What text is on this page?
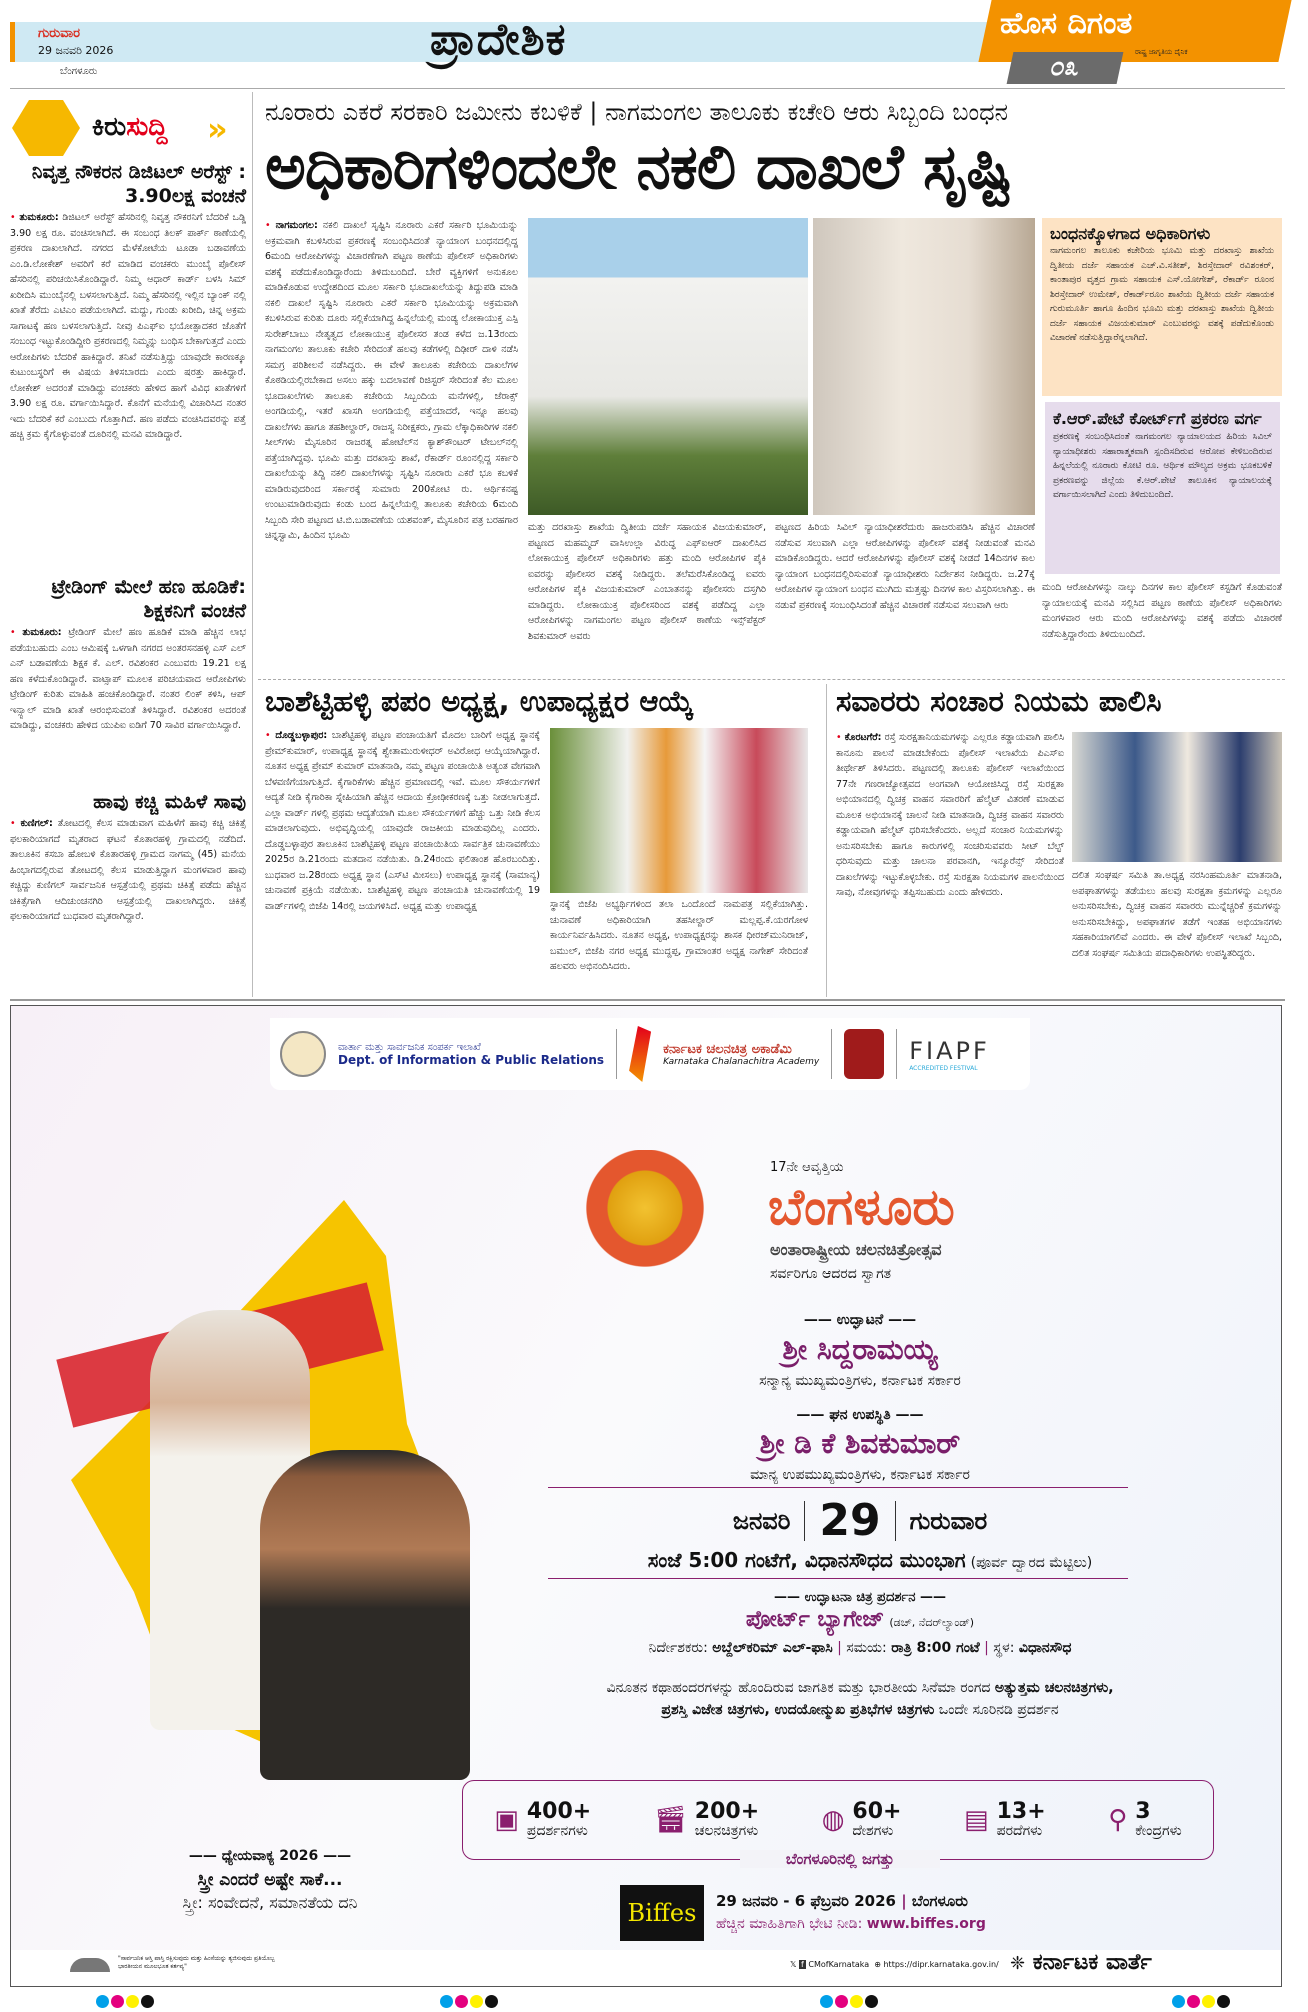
ಗುರುವಾರ
29 ಜನವರಿ 2026
ಬೆಂಗಳೂರು
ಪ್ರಾದೇಶಿಕ	ಹೊಸ ದಿಗಂತ
ರಾಷ್ಟ್ರ ಜಾಗೃತಿಯ ದೈನಿಕ
೦೩
ಕಿರುಸುದ್ದಿ »
ನಿವೃತ್ತ ನೌಕರನ ಡಿಜಿಟಲ್ ಅರೆಸ್ಟ್ : 3.90ಲಕ್ಷ ವಂಚನೆ
• ತುಮಕೂರು: ಡಿಜಿಟಲ್ ಅರೆಸ್ಟ್ ಹೆಸರಿನಲ್ಲಿ ನಿವೃತ್ತ ನೌಕರನಿಗೆ ಬೆದರಿಕೆ ಒಡ್ಡಿ 3.90 ಲಕ್ಷ ರೂ. ವಂಚಿಸಲಾಗಿದೆ. ಈ ಸಂಬಂಧ ತಿಲಕ್ ಪಾರ್ಕ್ ಠಾಣೆಯಲ್ಲಿ ಪ್ರಕರಣ ದಾಖಲಾಗಿದೆ. ನಗರದ ಮೆಳೆಕೋಟೆಯ ಟೂಡಾ ಬಡಾವಣೆಯ ಎಂ.ಡಿ.ಲೋಕೇಶ್ ಅವರಿಗೆ ಕರೆ ಮಾಡಿದ ವಂಚಕರು ಮುಂಬೈ ಪೊಲೀಸ್ ಹೆಸರಿನಲ್ಲಿ ಪರಿಚಯಿಸಿಕೊಂಡಿದ್ದಾರೆ. ನಿಮ್ಮ ಆಧಾರ್ ಕಾರ್ಡ್ ಬಳಸಿ ಸಿಮ್ ಖರೀದಿಸಿ ಮುಂಬೈನಲ್ಲಿ ಬಳಸಲಾಗುತ್ತಿದೆ. ನಿಮ್ಮ ಹೆಸರಿನಲ್ಲಿ ಇಲ್ಲಿನ ಬ್ಯಾಂಕ್ ನಲ್ಲಿ ಖಾತೆ ತೆರೆದು ಎಟಿಎಂ ಪಡೆಯಲಾಗಿದೆ. ಮದ್ದು, ಗುಂಡು ಖರೀದಿ, ಚಿನ್ನ ಅಕ್ರಮ ಸಾಗಾಟಕ್ಕೆ ಹಣ ಬಳಸಲಾಗುತ್ತಿದೆ. ನೀವು ಪಿಎಫ್ಐ ಭಯೋತ್ಪಾದಕರ ಜೊತೆಗೆ ಸಂಬಂಧ ಇಟ್ಟುಕೊಂಡಿದ್ದೀರಿ ಪ್ರಕರಣದಲ್ಲಿ ನಿಮ್ಮನ್ನು ಬಂಧಿಸ ಬೇಕಾಗುತ್ತದೆ ಎಂದು ಆರೋಪಿಗಳು ಬೆದರಿಕೆ ಹಾಕಿದ್ದಾರೆ. ತನಿಖೆ ನಡೆಸುತ್ತಿದ್ದು ಯಾವುದೇ ಕಾರಣಕ್ಕೂ ಕುಟುಂಬಸ್ಥರಿಗೆ ಈ ವಿಷಯ ತಿಳಿಸಬಾರದು ಎಂದು ಷರತ್ತು ಹಾಕಿದ್ದಾರೆ. ಲೋಕೇಶ್ ಅದರಂತೆ ಮಾಡಿದ್ದು ವಂಚಕರು ಹೇಳಿದ ಹಾಗೆ ವಿವಿಧ ಖಾತೆಗಳಿಗೆ 3.90 ಲಕ್ಷ ರೂ. ವರ್ಗಾಯಿಸಿದ್ದಾರೆ. ಕೊನೆಗೆ ಮನೆಯಲ್ಲಿ ವಿಚಾರಿಸಿದ ನಂತರ ಇದು ಬೆದರಿಕೆ ಕರೆ ಎಂಬುದು ಗೊತ್ತಾಗಿದೆ. ಹಣ ಪಡೆದು ವಂಚಿಸಿದವರನ್ನು ಪತ್ತೆ ಹಚ್ಚಿ ಕ್ರಮ ಕೈಗೊಳ್ಳುವಂತೆ ದೂರಿನಲ್ಲಿ ಮನವಿ ಮಾಡಿದ್ದಾರೆ.
ಟ್ರೇಡಿಂಗ್ ಮೇಲೆ ಹಣ ಹೂಡಿಕೆ: ಶಿಕ್ಷಕನಿಗೆ ವಂಚನೆ
• ತುಮಕೂರು: ಟ್ರೇಡಿಂಗ್ ಮೇಲೆ ಹಣ ಹೂಡಿಕೆ ಮಾಡಿ ಹೆಚ್ಚಿನ ಲಾಭ ಪಡೆಯಬಹುದು ಎಂಬ ಆಮಿಷಕ್ಕೆ ಒಳಗಾಗಿ ನಗರದ ಅಂತರಸನಹಳ್ಳಿ ಎಸ್ ಎಲ್ ಎನ್ ಬಡಾವಣೆಯ ಶಿಕ್ಷಕ ಕೆ. ಎಲ್. ರವಿಶಂಕರ ಎಂಬುವರು 19.21 ಲಕ್ಷ ಹಣ ಕಳೆದುಕೊಂಡಿದ್ದಾರೆ. ವಾಟ್ಸಾಪ್ ಮೂಲಕ ಪರಿಚಯವಾದ ಆರೋಪಿಗಳು ಟ್ರೇಡಿಂಗ್ ಕುರಿತು ಮಾಹಿತಿ ಹಂಚಿಕೊಂಡಿದ್ದಾರೆ. ನಂತರ ಲಿಂಕ್ ಕಳಿಸಿ, ಆಪ್ ಇನ್ಸ್ಟಾಲ್ ಮಾಡಿ ಖಾತೆ ಆರಂಭಿಸುವಂತೆ ತಿಳಿಸಿದ್ದಾರೆ. ರವಿಶಂಕರ ಅದರಂತೆ ಮಾಡಿದ್ದು, ವಂಚಕರು ಹೇಳಿದ ಯುಪಿಐ ಐಡಿಗೆ 70 ಸಾವಿರ ವರ್ಗಾಯಿಸಿದ್ದಾರೆ.
ಹಾವು ಕಚ್ಚಿ ಮಹಿಳೆ ಸಾವು
• ಕುಣಿಗಲ್: ತೋಟದಲ್ಲಿ ಕೆಲಸ ಮಾಡುವಾಗ ಮಹಿಳೆಗೆ ಹಾವು ಕಚ್ಚಿ ಚಿಕಿತ್ಸೆ ಫಲಕಾರಿಯಾಗದೆ ಮೃತರಾದ ಘಟನೆ ಕೊತಾರಹಳ್ಳಿ ಗ್ರಾಮದಲ್ಲಿ ನಡೆದಿದೆ. ತಾಲೂಕಿನ ಕಸಬಾ ಹೋಬಳಿ ಕೊತಾರಹಳ್ಳಿ ಗ್ರಾಮದ ನಾಗಮ್ಮ (45) ಮನೆಯ ಹಿಂಭಾಗದಲ್ಲಿರುವ ತೋಟದಲ್ಲಿ ಕೆಲಸ ಮಾಡುತ್ತಿದ್ದಾಗ ಮಂಗಳವಾರ ಹಾವು ಕಚ್ಚಿದ್ದು ಕುಣಿಗಲ್ ಸಾರ್ವಜನಿಕ ಆಸ್ಪತ್ರೆಯಲ್ಲಿ ಪ್ರಥಮ ಚಿಕಿತ್ಸೆ ಪಡೆದು ಹೆಚ್ಚಿನ ಚಿಕಿತ್ಸೆಗಾಗಿ ಆದಿಚುಂಚನಗಿರಿ ಆಸ್ಪತ್ರೆಯಲ್ಲಿ ದಾಖಲಾಗಿದ್ದರು. ಚಿಕಿತ್ಸೆ ಫಲಕಾರಿಯಾಗದೆ ಬುಧವಾರ ಮೃತರಾಗಿದ್ದಾರೆ.
ನೂರಾರು ಎಕರೆ ಸರಕಾರಿ ಜಮೀನು ಕಬಳಿಕೆ | ನಾಗಮಂಗಲ ತಾಲೂಕು ಕಚೇರಿ ಆರು ಸಿಬ್ಬಂದಿ ಬಂಧನ
ಅಧಿಕಾರಿಗಳಿಂದಲೇ ನಕಲಿ ದಾಖಲೆ ಸೃಷ್ಟಿ
• ನಾಗಮಂಗಲ: ನಕಲಿ ದಾಖಲೆ ಸೃಷ್ಟಿಸಿ ನೂರಾರು ಎಕರೆ ಸರ್ಕಾರಿ ಭೂಮಿಯನ್ನು ಅಕ್ರಮವಾಗಿ ಕಬಳಿಸಿರುವ ಪ್ರಕರಣಕ್ಕೆ ಸಂಬಂಧಿಸಿದಂತೆ ನ್ಯಾಯಾಂಗ ಬಂಧನದಲ್ಲಿದ್ದ 6ಮಂದಿ ಆರೋಪಿಗಳನ್ನು ವಿಚಾರಣೆಗಾಗಿ ಪಟ್ಟಣ ಠಾಣೆಯ ಪೊಲೀಸ್ ಅಧಿಕಾರಿಗಳು ವಶಕ್ಕೆ ಪಡೆದುಕೊಂಡಿದ್ದಾರೆಂದು ತಿಳಿದುಬಂದಿದೆ. ಬೇರೆ ವ್ಯಕ್ತಿಗಳಿಗೆ ಅನುಕೂಲ ಮಾಡಿಕೊಡುವ ಉದ್ದೇಶದಿಂದ ಮೂಲ ಸರ್ಕಾರಿ ಭೂದಾಖಲೆಯನ್ನು ತಿದ್ದುಪಡಿ ಮಾಡಿ ನಕಲಿ ದಾಖಲೆ ಸೃಷ್ಟಿಸಿ ನೂರಾರು ಎಕರೆ ಸರ್ಕಾರಿ ಭೂಮಿಯನ್ನು ಅಕ್ರಮವಾಗಿ ಕಬಳಿಸಿರುವ ಕುರಿತು ದೂರು ಸಲ್ಲಿಕೆಯಾಗಿದ್ದ ಹಿನ್ನಲೆಯಲ್ಲಿ ಮಂಡ್ಯ ಲೋಕಾಯುಕ್ತ ಎಸ್ಪಿ ಸುರೇಶ್‌ಬಾಬು ನೇತೃತ್ವದ ಲೋಕಾಯುಕ್ತ ಪೊಲೀಸರ ತಂಡ ಕಳೆದ ಜ.13ರಂದು ನಾಗಮಂಗಲ ತಾಲೂಕು ಕಚೇರಿ ಸೇರಿದಂತೆ ಹಲವು ಕಡೆಗಳಲ್ಲಿ ದಿಢೀರ್ ದಾಳಿ ನಡೆಸಿ ಸಮಗ್ರ ಪರಿಶೀಲನೆ ನಡೆಸಿದ್ದರು. ಈ ವೇಳೆ ತಾಲೂಕು ಕಚೇರಿಯ ದಾಖಲೆಗಳ ಕೊಠಡಿಯಲ್ಲಿರಬೇಕಾದ ಅಸಲು ಹಕ್ಕು ಬದಲಾವಣೆ ರಿಜಿಸ್ಟರ್ ಸೇರಿದಂತೆ ಕೆಲ ಮೂಲ ಭೂದಾಖಲೆಗಳು ತಾಲೂಕು ಕಚೇರಿಯ ಸಿಬ್ಬಂದಿಯ ಮನೆಗಳಲ್ಲಿ, ಜೆರಾಕ್ಸ್ ಅಂಗಡಿಯಲ್ಲಿ, ಇತರೆ ಖಾಸಗಿ ಅಂಗಡಿಯಲ್ಲಿ ಪತ್ತೆಯಾದರೆ, ಇನ್ನೂ ಹಲವು ದಾಖಲೆಗಳು ಹಾಗೂ ತಹಶೀಲ್ದಾರ್, ರಾಜಸ್ವ ನಿರೀಕ್ಷಕರು, ಗ್ರಾಮ ಲೆಕ್ಕಾಧಿಕಾರಿಗಳ ನಕಲಿ ಸೀಲ್‌ಗಳು ಮೈಸೂರಿನ ರಾಜರತ್ನ ಹೋಟೆಲ್‌ನ ಕ್ಯಾಶ್‌ಕೌಂಟರ್ ಟೇಬಲ್‌ನಲ್ಲಿ ಪತ್ತೆಯಾಗಿದ್ದವು. ಭೂಮಿ ಮತ್ತು ದರಖಾಸ್ತು ಶಾಖೆ, ರೆಕಾರ್ಡ್ ರೂಂನಲ್ಲಿದ್ದ ಸರ್ಕಾರಿ ದಾಖಲೆಯನ್ನು ತಿದ್ದಿ ನಕಲಿ ದಾಖಲೆಗಳನ್ನು ಸೃಷ್ಟಿಸಿ ನೂರಾರು ಎಕರೆ ಭೂ ಕಬಳಿಕೆ ಮಾಡಿರುವುದರಿಂದ ಸರ್ಕಾರಕ್ಕೆ ಸುಮಾರು 200ಕೋಟಿ ರು. ಆರ್ಥಿಕನಷ್ಟ ಉಂಟುಮಾಡಿರುವುದು ಕಂಡು ಬಂದ ಹಿನ್ನಲೆಯಲ್ಲಿ ತಾಲೂಕು ಕಚೇರಿಯ 6ಮಂದಿ ಸಿಬ್ಬಂದಿ ಸೇರಿ ಪಟ್ಟಣದ ಟಿ.ಬಿ.ಬಡಾವಣೆಯ ಯಶವಂತ್, ಮೈಸೂರಿನ ಪತ್ರ ಬರಹಗಾರ ಚಿನ್ನಸ್ವಾಮಿ, ಹಿಂದಿನ ಭೂಮಿ
ಮತ್ತು ದರಖಾಸ್ತು ಶಾಖೆಯ ದ್ವಿತೀಯ ದರ್ಜೆ ಸಹಾಯಕ ವಿಜಯಕುಮಾರ್, ಪಟ್ಟಣದ ಮಹಮ್ಮದ್ ವಾಸಿಉಲ್ಲಾ ವಿರುದ್ಧ ಎಫ್‌ಐಆರ್ ದಾಖಲಿಸಿದ ಲೋಕಾಯುಕ್ತ ಪೊಲೀಸ್ ಅಧಿಕಾರಿಗಳು ಹತ್ತು ಮಂದಿ ಆರೋಪಿಗಳ ಪೈಕಿ ಐವರನ್ನು ಪೊಲೀಸರ ವಶಕ್ಕೆ ನೀಡಿದ್ದರು. ತಲೆಮರೆಸಿಕೊಂಡಿದ್ದ ಐವರು ಆರೋಪಿಗಳ ಪೈಕಿ ವಿಜಯಕುಮಾರ್ ಎಂಬಾತನನ್ನು ಪೊಲೀಸರು ದಸ್ತಗಿರಿ ಮಾಡಿದ್ದರು. ಲೋಕಾಯುಕ್ತ ಪೊಲೀಸರಿಂದ ವಶಕ್ಕೆ ಪಡೆದಿದ್ದ ಎಲ್ಲಾ ಆರೋಪಿಗಳನ್ನು ನಾಗಮಂಗಲ ಪಟ್ಟಣ ಪೊಲೀಸ್ ಠಾಣೆಯ ಇನ್ಸ್‌ಪೆಕ್ಟರ್ ಶಿವಕುಮಾರ್ ಅವರು
ಪಟ್ಟಣದ ಹಿರಿಯ ಸಿವಿಲ್ ನ್ಯಾಯಾಧೀಶರೆದುರು ಹಾಜರುಪಡಿಸಿ ಹೆಚ್ಚಿನ ವಿಚಾರಣೆ ನಡೆಸುವ ಸಲುವಾಗಿ ಎಲ್ಲಾ ಆರೋಪಿಗಳನ್ನು ಪೊಲೀಸ್ ವಶಕ್ಕೆ ನೀಡುವಂತೆ ಮನವಿ ಮಾಡಿಕೊಂಡಿದ್ದರು. ಆದರೆ ಆರೋಪಿಗಳನ್ನು ಪೊಲೀಸ್ ವಶಕ್ಕೆ ನೀಡದೆ 14ದಿನಗಳ ಕಾಲ ನ್ಯಾಯಾಂಗ ಬಂಧನದಲ್ಲಿರಿಸುವಂತೆ ನ್ಯಾಯಾಧೀಶರು ನಿರ್ದೇಶನ ನೀಡಿದ್ದರು. ಜ.27ಕ್ಕೆ ಆರೋಪಿಗಳ ನ್ಯಾಯಾಂಗ ಬಂಧನ ಮುಗಿದು ಮತ್ತಷ್ಟು ದಿನಗಳ ಕಾಲ ವಿಸ್ತರಿಸಲಾಗಿತ್ತು. ಈ ನಡುವೆ ಪ್ರಕರಣಕ್ಕೆ ಸಂಬಂಧಿಸಿದಂತೆ ಹೆಚ್ಚಿನ ವಿಚಾರಣೆ ನಡೆಸುವ ಸಲುವಾಗಿ ಆರು
ಬಂಧನಕ್ಕೊಳಗಾದ ಅಧಿಕಾರಿಗಳು
ನಾಗಮಂಗಲ ತಾಲೂಕು ಕಚೇರಿಯ ಭೂಮಿ ಮತ್ತು ದರಖಾಸ್ತು ಶಾಖೆಯ ದ್ವಿತೀಯ ದರ್ಜೆ ಸಹಾಯಕ ಎಚ್.ವಿ.ಸತೀಶ್, ಶಿರಸ್ತೇದಾರ್ ರವಿಶಂಕರ್, ಕಾಂತಾಪುರ ವೃತ್ತದ ಗ್ರಾಮ ಸಹಾಯಕ ಎಸ್.ಯೋಗೇಶ್, ರೆಕಾರ್ಡ್ ರೂಂನ ಶಿರಸ್ತೇದಾರ್ ಉಮೇಶ್, ರೆಕಾರ್ಡ್‌ರೂಂ ಶಾಖೆಯ ದ್ವಿತೀಯ ದರ್ಜೆ ಸಹಾಯಕ ಗುರುಮೂರ್ತಿ ಹಾಗೂ ಹಿಂದಿನ ಭೂಮಿ ಮತ್ತು ದರಖಾಸ್ತು ಶಾಖೆಯ ದ್ವಿತೀಯ ದರ್ಜೆ ಸಹಾಯಕ ವಿಜಯಕುಮಾರ್ ಎಂಬುವರನ್ನು ವಶಕ್ಕೆ ಪಡೆದುಕೊಂಡು ವಿಚಾರಣೆ ನಡೆಸುತ್ತಿದ್ದಾರೆನ್ನಲಾಗಿದೆ.
ಕೆ.ಆರ್.ಪೇಟೆ ಕೋರ್ಟ್‌ಗೆ ಪ್ರಕರಣ ವರ್ಗ
ಪ್ರಕರಣಕ್ಕೆ ಸಂಬಂಧಿಸಿದಂತೆ ನಾಗಮಂಗಲ ನ್ಯಾಯಾಲಯದ ಹಿರಿಯ ಸಿವಿಲ್ ನ್ಯಾಯಾಧೀಶರು ಸಹಾರಾತ್ಮಕವಾಗಿ ಸ್ಪಂದಿಸದಿರುವ ಆರೋಪ ಕೇಳಿಬಂದಿರುವ ಹಿನ್ನಲೆಯಲ್ಲಿ ನೂರಾರು ಕೋಟಿ ರೂ. ಆರ್ಥಿಕ ಮೌಲ್ಯದ ಅಕ್ರಮ ಭೂಕಬಳಿಕೆ ಪ್ರಕರಣವನ್ನು ಜಿಲ್ಲೆಯ ಕೆ.ಆರ್.ಪೇಟೆ ತಾಲೂಕಿನ ನ್ಯಾಯಾಲಯಕ್ಕೆ ವರ್ಗಾಯಿಸಲಾಗಿದೆ ಎಂದು ತಿಳಿದುಬಂದಿದೆ.
ಮಂದಿ ಆರೋಪಿಗಳನ್ನು ನಾಲ್ಕು ದಿನಗಳ ಕಾಲ ಪೊಲೀಸ್ ಕಸ್ಟಡಿಗೆ ಕೊಡುವಂತೆ ನ್ಯಾಯಾಲಯಕ್ಕೆ ಮನವಿ ಸಲ್ಲಿಸಿದ ಪಟ್ಟಣ ಠಾಣೆಯ ಪೊಲೀಸ್ ಅಧಿಕಾರಿಗಳು ಮಂಗಳವಾರ ಆರು ಮಂದಿ ಆರೋಪಿಗಳನ್ನು ವಶಕ್ಕೆ ಪಡೆದು ವಿಚಾರಣೆ ನಡೆಸುತ್ತಿದ್ದಾರೆಂದು ತಿಳಿದುಬಂದಿದೆ.
ಬಾಶೆಟ್ಟಿಹಳ್ಳಿ ಪಪಂ ಅಧ್ಯಕ್ಷ, ಉಪಾಧ್ಯಕ್ಷರ ಆಯ್ಕೆ
• ದೊಡ್ಡಬಳ್ಳಾಪುರ: ಬಾಶೆಟ್ಟಿಹಳ್ಳಿ ಪಟ್ಟಣ ಪಂಚಾಯತಿಗೆ ಮೊದಲ ಬಾರಿಗೆ ಅಧ್ಯಕ್ಷ ಸ್ಥಾನಕ್ಕೆ ಪ್ರೇಮ್‌ಕುಮಾರ್, ಉಪಾಧ್ಯಕ್ಷ ಸ್ಥಾನಕ್ಕೆ ಶ್ವೇತಾಮುರುಳೀಧರ್ ಅವಿರೋಧ ಆಯ್ಕೆಯಾಗಿದ್ದಾರೆ. ನೂತನ ಅಧ್ಯಕ್ಷ ಪ್ರೇಮ್ ಕುಮಾರ್ ಮಾತನಾಡಿ, ನಮ್ಮ ಪಟ್ಟಣ ಪಂಚಾಯಿತಿ ಅತ್ಯಂತ ವೇಗವಾಗಿ ಬೆಳವಣಿಗೆಯಾಗುತ್ತಿದೆ. ಕೈಗಾರಿಕೆಗಳು ಹೆಚ್ಚಿನ ಪ್ರಮಾಣದಲ್ಲಿ ಇವೆ. ಮೂಲ ಸೌಕರ್ಯಗಳಿಗೆ ಆದ್ಯತೆ ನೀಡಿ ಕೈಗಾರಿಕಾ ಸ್ನೇಹಿಯಾಗಿ ಹೆಚ್ಚಿನ ಆದಾಯ ಕ್ರೋಢೀಕರಣಕ್ಕೆ ಒತ್ತು ನೀಡಲಾಗುತ್ತದೆ. ಎಲ್ಲಾ ವಾರ್ಡ್ ಗಳಲ್ಲಿ ಪ್ರಥಮ ಆದ್ಯತೆಯಾಗಿ ಮೂಲ ಸೌಕರ್ಯಗಳಿಗೆ ಹೆಚ್ಚು ಒತ್ತು ನೀಡಿ ಕೆಲಸ ಮಾಡಲಾಗುವುದು. ಅಭಿವೃದ್ಧಿಯಲ್ಲಿ ಯಾವುದೇ ರಾಜಕೀಯ ಮಾಡುವುದಿಲ್ಲ ಎಂದರು. ದೊಡ್ಡಬಳ್ಳಾಪುರ ತಾಲೂಕಿನ ಬಾಶೆಟ್ಟಿಹಳ್ಳಿ ಪಟ್ಟಣ ಪಂಚಾಯಿತಿಯ ಸಾರ್ವತ್ರಿಕ ಚುನಾವಣೆಯು 2025ರ ಡಿ.21ರಂದು ಮತದಾನ ನಡೆಯಿತು. ಡಿ.24ರಂದು ಫಲಿತಾಂಶ ಹೊರಬಂದಿತ್ತು. ಬುಧವಾರ ಜ.28ರಂದು ಅಧ್ಯಕ್ಷ ಸ್ಥಾನ (ಎಸ್‌ಟಿ ಮೀಸಲು) ಉಪಾಧ್ಯಕ್ಷ ಸ್ಥಾನಕ್ಕೆ (ಸಾಮಾನ್ಯ) ಚುನಾವಣೆ ಪ್ರಕ್ರಿಯೆ ನಡೆಯಿತು. ಬಾಶೆಟ್ಟಿಹಳ್ಳಿ ಪಟ್ಟಣ ಪಂಚಾಯತಿ ಚುನಾವಣೆಯಲ್ಲಿ 19 ವಾರ್ಡ್‌ಗಳಲ್ಲಿ ಬಿಜೆಪಿ 14ರಲ್ಲಿ ಜಯಗಳಿಸಿದೆ. ಅಧ್ಯಕ್ಷ ಮತ್ತು ಉಪಾಧ್ಯಕ್ಷ	ಸ್ಥಾನಕ್ಕೆ ಬಿಜೆಪಿ ಅಭ್ಯರ್ಥಿಗಳಿಂದ ತಲಾ ಒಂದೊಂದೆ ನಾಮಪತ್ರ ಸಲ್ಲಿಕೆಯಾಗಿತ್ತು. ಚುನಾವಣೆ ಅಧಿಕಾರಿಯಾಗಿ ತಹಸೀಲ್ದಾರ್ ಮಲ್ಲಪ್ಪ.ಕೆ.ಯರಗೋಳ ಕಾರ್ಯನಿರ್ವಹಿಸಿದರು. ನೂತನ ಅಧ್ಯಕ್ಷ, ಉಪಾಧ್ಯಕ್ಷರನ್ನು ಶಾಸಕ ಧೀರಜ್‌ಮುನಿರಾಜ್, ಬಮುಲ್, ಬಿಜೆಪಿ ನಗರ ಅಧ್ಯಕ್ಷ ಮುದ್ದಪ್ಪ, ಗ್ರಾಮಾಂತರ ಅಧ್ಯಕ್ಷ ನಾಗೇಶ್ ಸೇರಿದಂತೆ ಹಲವರು ಅಭಿನಂದಿಸಿದರು.
ಸವಾರರು ಸಂಚಾರ ನಿಯಮ ಪಾಲಿಸಿ
• ಕೊರಟಗೆರೆ: ರಸ್ತೆ ಸುರಕ್ಷತಾನಿಯಮಗಳನ್ನು ಎಲ್ಲರೂ ಕಡ್ಡಾಯವಾಗಿ ಪಾಲಿಸಿ ಕಾನೂನು ಪಾಲನೆ ಮಾಡಬೇಕೆಂದು ಪೊಲೀಸ್ ಇಲಾಖೆಯ ಪಿಎಸ್ಐ ತೀರ್ಥೇಶ್ ತಿಳಿಸಿದರು. ಪಟ್ಟಣದಲ್ಲಿ ತಾಲೂಕು ಪೊಲೀಸ್ ಇಲಾಖೆಯಿಂದ 77ನೇ ಗಣರಾಜ್ಯೋತ್ಸವದ ಅಂಗವಾಗಿ ಆಯೋಜಿಸಿದ್ದ ರಸ್ತೆ ಸುರಕ್ಷತಾ ಅಭಿಯಾನದಲ್ಲಿ ದ್ವಿಚಕ್ರ ವಾಹನ ಸವಾರರಿಗೆ ಹೆಲ್ಮೆಟ್ ವಿತರಣೆ ಮಾಡುವ ಮೂಲಕ ಅಭಿಯಾನಕ್ಕೆ ಚಾಲನೆ ನೀಡಿ ಮಾತನಾಡಿ, ದ್ವಿಚಕ್ರ ವಾಹನ ಸವಾರರು ಕಡ್ಡಾಯವಾಗಿ ಹೆಲ್ಮೆಟ್ ಧರಿಸಬೇಕೆಂದರು. ಅಲ್ಲದೆ ಸಂಚಾರ ನಿಯಮಗಳನ್ನು ಅನುಸರಿಸಬೇಕು ಹಾಗೂ ಕಾರುಗಳಲ್ಲಿ ಸಂಚರಿಸುವವರು ಸೀಟ್ ಬೆಲ್ಟ್ ಧರಿಸುವುದು ಮತ್ತು ಚಾಲನಾ ಪರವಾನಗಿ, ಇನ್ಶೂರೆನ್ಸ್ ಸೇರಿದಂತೆ ದಾಖಲೆಗಳನ್ನು ಇಟ್ಟುಕೊಳ್ಳಬೇಕು. ರಸ್ತೆ ಸುರಕ್ಷತಾ ನಿಯಮಗಳ ಪಾಲನೆಯಿಂದ ಸಾವು, ನೋವುಗಳನ್ನು ತಪ್ಪಿಸಬಹುದು ಎಂದು ಹೇಳಿದರು.
ದಲಿತ ಸಂಘರ್ಷ ಸಮಿತಿ ತಾ.ಅಧ್ಯಕ್ಷ ನರಸಿಂಹಮೂರ್ತಿ ಮಾತನಾಡಿ, ಅಪಘಾತಗಳನ್ನು ತಡೆಯಲು ಹಲವು ಸುರಕ್ಷತಾ ಕ್ರಮಗಳನ್ನು ಎಲ್ಲರೂ ಅನುಸರಿಸಬೇಕು, ದ್ವಿಚಕ್ರ ವಾಹನ ಸವಾರರು ಮುನ್ನೆಚ್ಚರಿಕೆ ಕ್ರಮಗಳನ್ನು ಅನುಸರಿಸಬೇಕಿದ್ದು, ಅಪಘಾತಗಳ ತಡೆಗೆ ಇಂತಹ ಅಭಿಯಾನಗಳು ಸಹಕಾರಿಯಾಗಲಿವೆ ಎಂದರು. ಈ ವೇಳೆ ಪೊಲೀಸ್ ಇಲಾಖೆ ಸಿಬ್ಬಂದಿ, ದಲಿತ ಸಂಘರ್ಷ ಸಮಿತಿಯ ಪದಾಧಿಕಾರಿಗಳು ಉಪಸ್ಥಿತರಿದ್ದರು.
ವಾರ್ತಾ ಮತ್ತು ಸಾರ್ವಜನಿಕ ಸಂಪರ್ಕ ಇಲಾಖೆ
Dept. of Information & Public Relations
ಕರ್ನಾಟಕ ಚಲನಚಿತ್ರ ಅಕಾಡೆಮಿ
Karnataka Chalanachitra Academy	FIAPF
ACCREDITED FESTIVAL
17ನೇ ಆವೃತ್ತಿಯ
ಬೆಂಗಳೂರು
ಅಂತಾರಾಷ್ಟ್ರೀಯ ಚಲನಚಿತ್ರೋತ್ಸವ
ಸರ್ವರಿಗೂ ಆದರದ ಸ್ವಾಗತ
—— ಉದ್ಘಾಟನೆ ——
ಶ್ರೀ ಸಿದ್ದರಾಮಯ್ಯ
ಸನ್ಮಾನ್ಯ ಮುಖ್ಯಮಂತ್ರಿಗಳು, ಕರ್ನಾಟಕ ಸರ್ಕಾರ
—— ಘನ ಉಪಸ್ಥಿತಿ ——
ಶ್ರೀ ಡಿ ಕೆ ಶಿವಕುಮಾರ್
ಮಾನ್ಯ ಉಪಮುಖ್ಯಮಂತ್ರಿಗಳು, ಕರ್ನಾಟಕ ಸರ್ಕಾರ
ಜನವರಿ 29 ಗುರುವಾರ
ಸಂಜೆ 5:00 ಗಂಟೆಗೆ, ವಿಧಾನಸೌಧದ ಮುಂಭಾಗ (ಪೂರ್ವ ದ್ವಾರದ ಮೆಟ್ಟಿಲು)
—— ಉದ್ಘಾಟನಾ ಚಿತ್ರ ಪ್ರದರ್ಶನ ——
ಪೋರ್ಟ್ ಬ್ಯಾಗೇಜ್ (ಡಚ್, ನೆದರ್‌ಲ್ಯಾಂಡ್)
ನಿರ್ದೇಶಕರು: ಅಬ್ದೆಲ್‌ಕರಿಮ್ ಎಲ್-ಫಾಸಿ | ಸಮಯ: ರಾತ್ರಿ 8:00 ಗಂಟೆ | ಸ್ಥಳ: ವಿಧಾನಸೌಧ
ವಿನೂತನ ಕಥಾಹಂದರಗಳನ್ನು ಹೊಂದಿರುವ ಜಾಗತಿಕ ಮತ್ತು ಭಾರತೀಯ ಸಿನೆಮಾ ರಂಗದ ಅತ್ಯುತ್ತಮ ಚಲನಚಿತ್ರಗಳು,
ಪ್ರಶಸ್ತಿ ವಿಜೇತ ಚಿತ್ರಗಳು, ಉದಯೋನ್ಮುಖ ಪ್ರತಿಭೆಗಳ ಚಿತ್ರಗಳು ಒಂದೇ ಸೂರಿನಡಿ ಪ್ರದರ್ಶನ
▣ 400+
ಪ್ರದರ್ಶನಗಳು	🎬︎ 200+
ಚಲನಚಿತ್ರಗಳು ◍ 60+
ದೇಶಗಳು	▤ 13+
ಪರದೆಗಳು	⚲ 3
ಕೇಂದ್ರಗಳು
ಬೆಂಗಳೂರಿನಲ್ಲಿ ಜಗತ್ತು
Biffes	29 ಜನವರಿ - 6 ಫೆಬ್ರವರಿ 2026 | ಬೆಂಗಳೂರು
ಹೆಚ್ಚಿನ ಮಾಹಿತಿಗಾಗಿ ಭೇಟಿ ನೀಡಿ: www.biffes.org
—— ಧ್ಯೇಯವಾಕ್ಯ 2026 ——
ಸ್ತ್ರೀ ಎಂದರೆ ಅಷ್ಟೇ ಸಾಕೆ...
ಸ್ತ್ರೀ: ಸಂವೇದನೆ, ಸಮಾನತೆಯ ದನಿ
"ಸಾರ್ವಜನಿಕ ಆಸ್ತಿ ಪಾಸ್ತಿ ರಕ್ಷಿಸುವುದು ಮತ್ತು ಹಿಂಸೆಯನ್ನು ತ್ಯಜಿಸುವುದು ಪ್ರತಿಯೊಬ್ಬ ಭಾರತೀಯನ ಮೂಲಭೂತ ಕರ್ತವ್ಯ"	𝕏 f CMofKarnataka ⊕ https://dipr.karnataka.gov.in/ ❈ ಕರ್ನಾಟಕ ವಾರ್ತೆ
